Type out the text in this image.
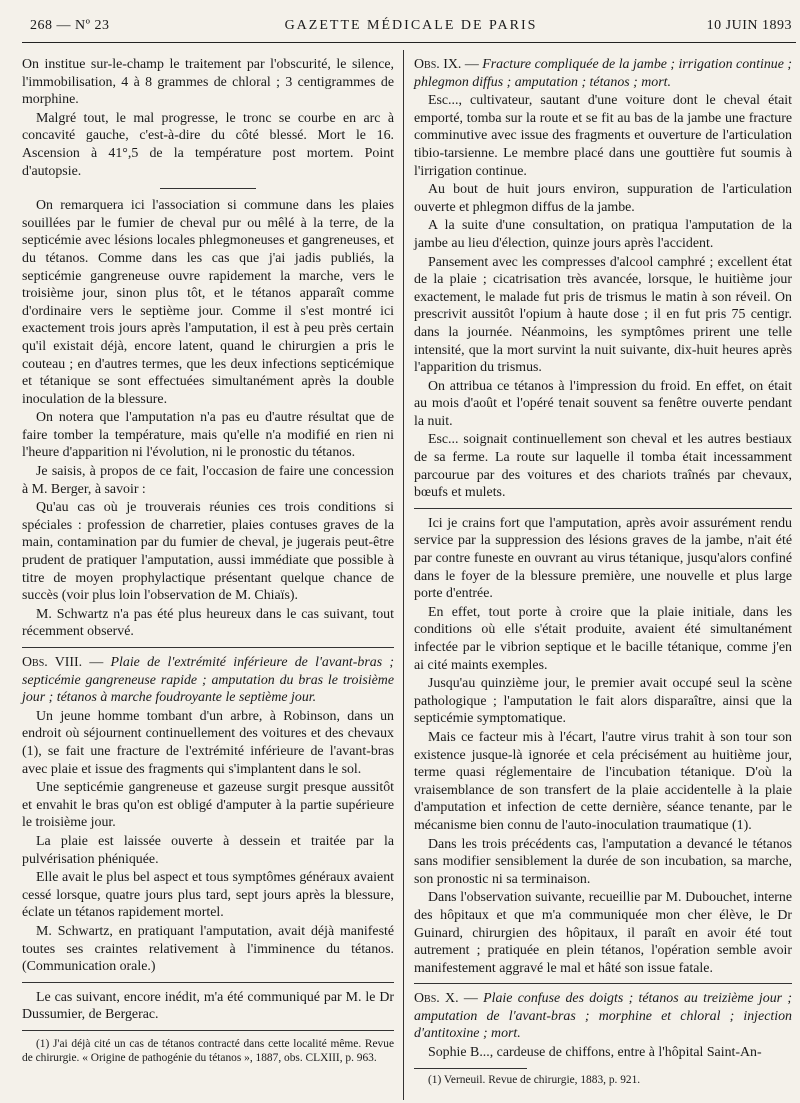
268 — Nº 23	GAZETTE MÉDICALE DE PARIS	10 JUIN 1893

On institue sur-le-champ le traitement par l'obscurité, le silence, l'immobilisation, 4 à 8 grammes de chloral ; 3 centigrammes de morphine.

Malgré tout, le mal progresse, le tronc se courbe en arc à concavité gauche, c'est-à-dire du côté blessé. Mort le 16. Ascension à 41°,5 de la température post mortem. Point d'autopsie.

On remarquera ici l'association si commune dans les plaies souillées par le fumier de cheval pur ou mêlé à la terre, de la septicémie avec lésions locales phlegmoneuses et gangreneuses, et du tétanos. Comme dans les cas que j'ai jadis publiés, la septicémie gangreneuse ouvre rapidement la marche, vers le troisième jour, sinon plus tôt, et le tétanos apparaît comme d'ordinaire vers le septième jour. Comme il s'est montré ici exactement trois jours après l'amputation, il est à peu près certain qu'il existait déjà, encore latent, quand le chirurgien a pris le couteau ; en d'autres termes, que les deux infections septicémique et tétanique se sont effectuées simultanément après la double inoculation de la blessure.

On notera que l'amputation n'a pas eu d'autre résultat que de faire tomber la température, mais qu'elle n'a modifié en rien ni l'heure d'apparition ni l'évolution, ni le pronostic du tétanos.

Je saisis, à propos de ce fait, l'occasion de faire une concession à M. Berger, à savoir :

Qu'au cas où je trouverais réunies ces trois conditions si spéciales : profession de charretier, plaies contuses graves de la main, contamination par du fumier de cheval, je jugerais peut-être prudent de pratiquer l'amputation, aussi immédiate que possible à titre de moyen prophylactique présentant quelque chance de succès (voir plus loin l'observation de M. Chiaïs).

M. Schwartz n'a pas été plus heureux dans le cas suivant, tout récemment observé.

Obs. VIII. — Plaie de l'extrémité inférieure de l'avant-bras ; septicémie gangreneuse rapide ; amputation du bras le troisième jour ; tétanos à marche foudroyante le septième jour.

Un jeune homme tombant d'un arbre, à Robinson, dans un endroit où séjournent continuellement des voitures et des chevaux (1), se fait une fracture de l'extrémité inférieure de l'avant-bras avec plaie et issue des fragments qui s'implantent dans le sol.

Une septicémie gangreneuse et gazeuse surgit presque aussitôt et envahit le bras qu'on est obligé d'amputer à la partie supérieure le troisième jour.

La plaie est laissée ouverte à dessein et traitée par la pulvérisation phéniquée.

Elle avait le plus bel aspect et tous symptômes généraux avaient cessé lorsque, quatre jours plus tard, sept jours après la blessure, éclate un tétanos rapidement mortel.

M. Schwartz, en pratiquant l'amputation, avait déjà manifesté toutes ses craintes relativement à l'imminence du tétanos. (Communication orale.)

Le cas suivant, encore inédit, m'a été communiqué par M. le Dr Dussumier, de Bergerac.

(1) J'ai déjà cité un cas de tétanos contracté dans cette localité même. Revue de chirurgie. « Origine de pathogénie du tétanos », 1887, obs. CLXIII, p. 963.

Obs. IX. — Fracture compliquée de la jambe ; irrigation continue ; phlegmon diffus ; amputation ; tétanos ; mort.

Esc..., cultivateur, sautant d'une voiture dont le cheval était emporté, tomba sur la route et se fit au bas de la jambe une fracture comminutive avec issue des fragments et ouverture de l'articulation tibio-tarsienne. Le membre placé dans une gouttière fut soumis à l'irrigation continue.

Au bout de huit jours environ, suppuration de l'articulation ouverte et phlegmon diffus de la jambe.

A la suite d'une consultation, on pratiqua l'amputation de la jambe au lieu d'élection, quinze jours après l'accident.

Pansement avec les compresses d'alcool camphré ; excellent état de la plaie ; cicatrisation très avancée, lorsque, le huitième jour exactement, le malade fut pris de trismus le matin à son réveil. On prescrivit aussitôt l'opium à haute dose ; il en fut pris 75 centigr. dans la journée. Néanmoins, les symptômes prirent une telle intensité, que la mort survint la nuit suivante, dix-huit heures après l'apparition du trismus.

On attribua ce tétanos à l'impression du froid. En effet, on était au mois d'août et l'opéré tenait souvent sa fenêtre ouverte pendant la nuit.

Esc... soignait continuellement son cheval et les autres bestiaux de sa ferme. La route sur laquelle il tomba était incessamment parcourue par des voitures et des chariots traînés par chevaux, bœufs et mulets.

Ici je crains fort que l'amputation, après avoir assurément rendu service par la suppression des lésions graves de la jambe, n'ait été par contre funeste en ouvrant au virus tétanique, jusqu'alors confiné dans le foyer de la blessure première, une nouvelle et plus large porte d'entrée.

En effet, tout porte à croire que la plaie initiale, dans les conditions où elle s'était produite, avaient été simultanément infectée par le vibrion septique et le bacille tétanique, comme j'en ai cité maints exemples.

Jusqu'au quinzième jour, le premier avait occupé seul la scène pathologique ; l'amputation le fait alors disparaître, ainsi que la septicémie symptomatique.

Mais ce facteur mis à l'écart, l'autre virus trahit à son tour son existence jusque-là ignorée et cela précisément au huitième jour, terme quasi réglementaire de l'incubation tétanique. D'où la vraisemblance de son transfert de la plaie accidentelle à la plaie d'amputation et infection de cette dernière, séance tenante, par le mécanisme bien connu de l'auto-inoculation traumatique (1).

Dans les trois précédents cas, l'amputation a devancé le tétanos sans modifier sensiblement la durée de son incubation, sa marche, son pronostic ni sa terminaison.

Dans l'observation suivante, recueillie par M. Dubouchet, interne des hôpitaux et que m'a communiquée mon cher élève, le Dr Guinard, chirurgien des hôpitaux, il paraît en avoir été tout autrement ; pratiquée en plein tétanos, l'opération semble avoir manifestement aggravé le mal et hâté son issue fatale.

Obs. X. — Plaie confuse des doigts ; tétanos au treizième jour ; amputation de l'avant-bras ; morphine et chloral ; injection d'antitoxine ; mort.

Sophie B..., cardeuse de chiffons, entre à l'hôpital Saint-An-

(1) Verneuil. Revue de chirurgie, 1883, p. 921.
